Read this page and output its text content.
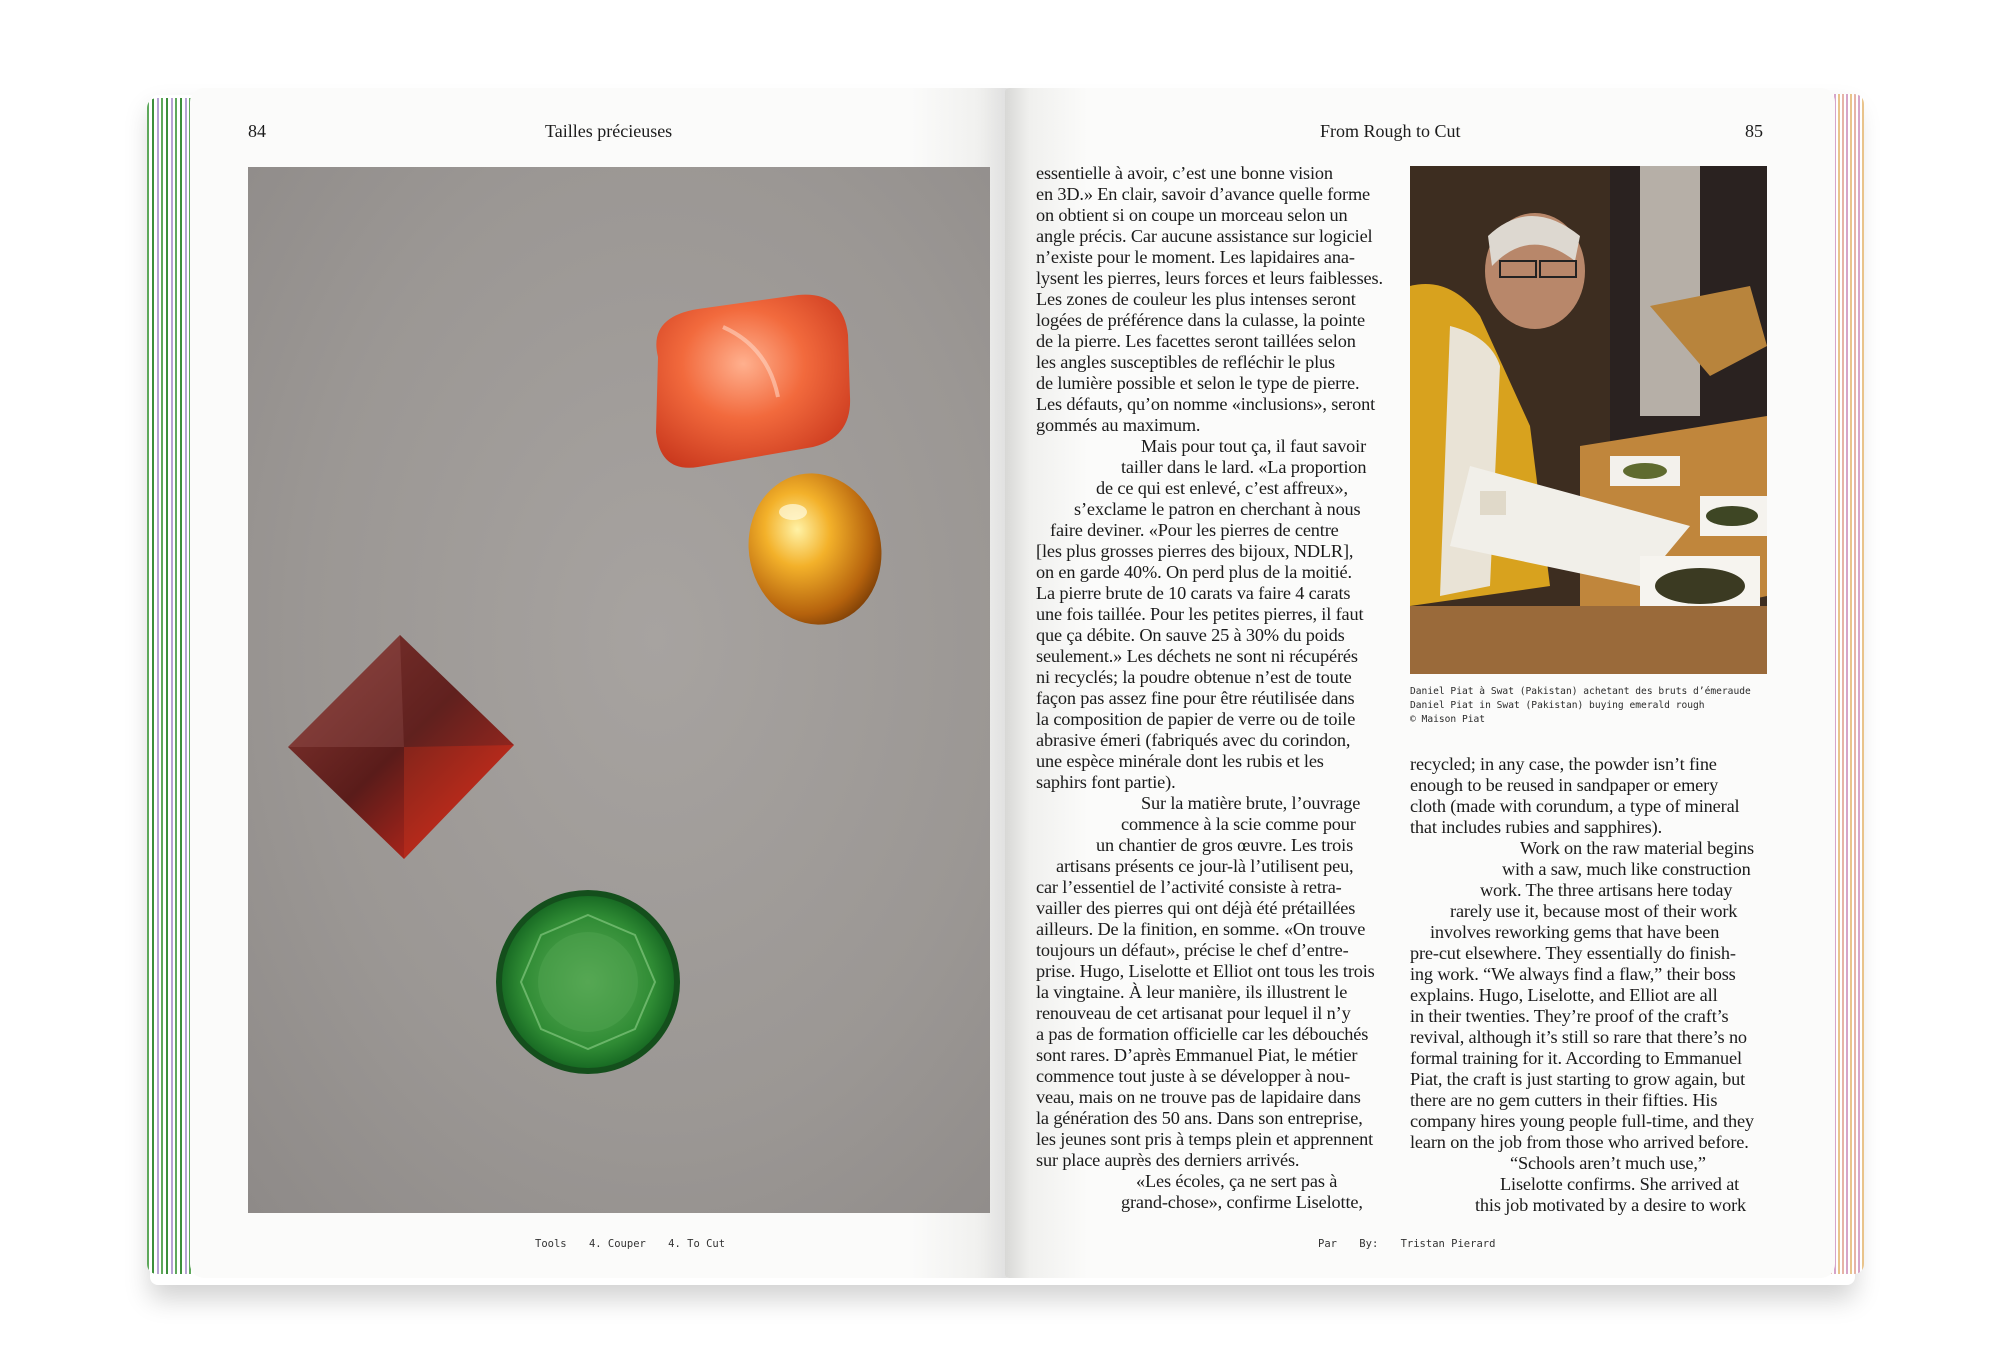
84	Tailles précieuses
Tools 4. Couper 4. To Cut
From Rough to Cut	85
essentielle à avoir, c’est une bonne vision
en 3D.» En clair, savoir d’avance quelle forme
on obtient si on coupe un morceau selon un
angle précis. Car aucune assistance sur logiciel
n’existe pour le moment. Les lapidaires ana-
lysent les pierres, leurs forces et leurs faiblesses.
Les zones de couleur les plus intenses seront
logées de préférence dans la culasse, la pointe
de la pierre. Les facettes seront taillées selon
les angles susceptibles de refléchir le plus
de lumière possible et selon le type de pierre.
Les défauts, qu’on nomme «inclusions», seront
gommés au maximum.
Mais pour tout ça, il faut savoir
tailler dans le lard. «La proportion
de ce qui est enlevé, c’est affreux»,
s’exclame le patron en cherchant à nous
faire deviner. «Pour les pierres de centre
[les plus grosses pierres des bijoux, NDLR],
on en garde 40%. On perd plus de la moitié.
La pierre brute de 10 carats va faire 4 carats
une fois taillée. Pour les petites pierres, il faut
que ça débite. On sauve 25 à 30% du poids
seulement.» Les déchets ne sont ni récupérés
ni recyclés; la poudre obtenue n’est de toute
façon pas assez fine pour être réutilisée dans
la composition de papier de verre ou de toile
abrasive émeri (fabriqués avec du corindon,
une espèce minérale dont les rubis et les
saphirs font partie).
Sur la matière brute, l’ouvrage
commence à la scie comme pour
un chantier de gros œuvre. Les trois
artisans présents ce jour-là l’utilisent peu,
car l’essentiel de l’activité consiste à retra-
vailler des pierres qui ont déjà été prétaillées
ailleurs. De la finition, en somme. «On trouve
toujours un défaut», précise le chef d’entre-
prise. Hugo, Liselotte et Elliot ont tous les trois
la vingtaine. À leur manière, ils illustrent le
renouveau de cet artisanat pour lequel il n’y
a pas de formation officielle car les débouchés
sont rares. D’après Emmanuel Piat, le métier
commence tout juste à se développer à nou-
veau, mais on ne trouve pas de lapidaire dans
la génération des 50 ans. Dans son entreprise,
les jeunes sont pris à temps plein et apprennent
sur place auprès des derniers arrivés.
«Les écoles, ça ne sert pas à
grand-chose», confirme Liselotte,
Daniel Piat à Swat (Pakistan) achetant des bruts d’émeraude
Daniel Piat in Swat (Pakistan) buying emerald rough
© Maison Piat
recycled; in any case, the powder isn’t fine
enough to be reused in sandpaper or emery
cloth (made with corundum, a type of mineral
that includes rubies and sapphires).
Work on the raw material begins
with a saw, much like construction
work. The three artisans here today
rarely use it, because most of their work
involves reworking gems that have been
pre-cut elsewhere. They essentially do finish-
ing work. “We always find a flaw,” their boss
explains. Hugo, Liselotte, and Elliot are all
in their twenties. They’re proof of the craft’s
revival, although it’s still so rare that there’s no
formal training for it. According to Emmanuel
Piat, the craft is just starting to grow again, but
there are no gem cutters in their fifties. His
company hires young people full-time, and they
learn on the job from those who arrived before.
“Schools aren’t much use,”
Liselotte confirms. She arrived at
this job motivated by a desire to work
Par By: Tristan Pierard
